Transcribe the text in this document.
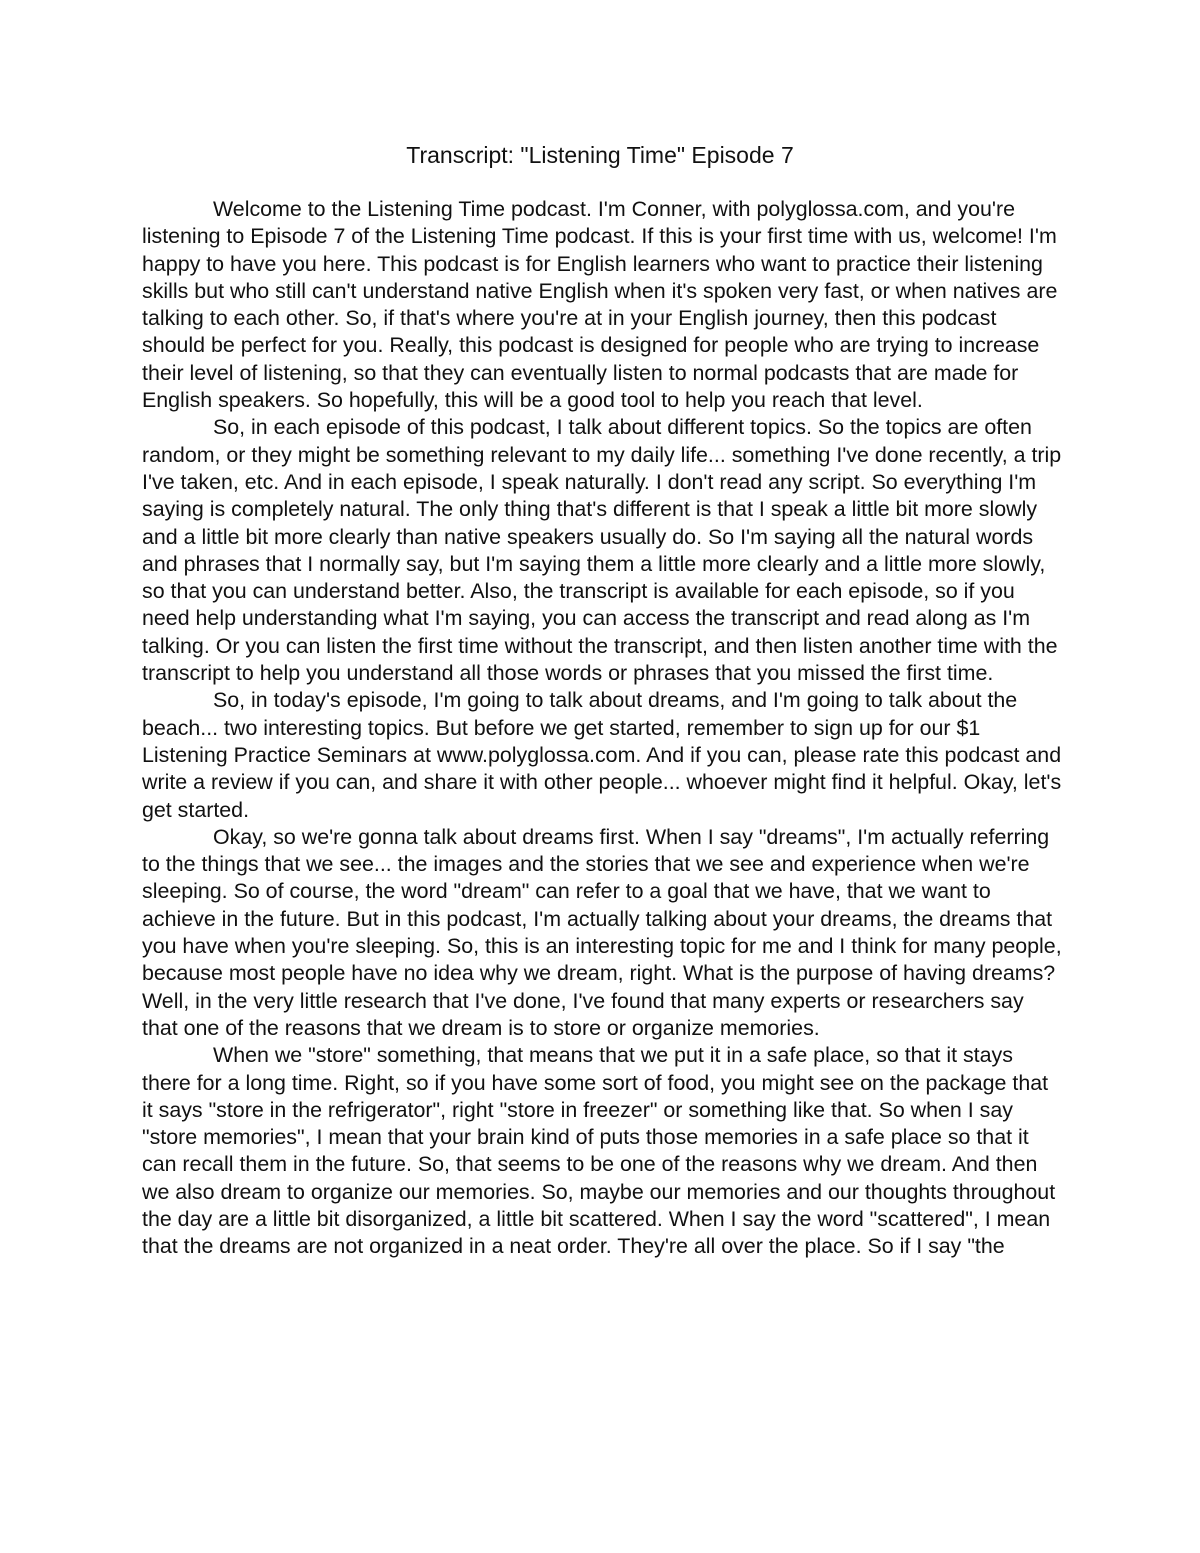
Transcript: "Listening Time" Episode 7

Welcome to the Listening Time podcast. I'm Conner, with polyglossa.com, and you're listening to Episode 7 of the Listening Time podcast. If this is your first time with us, welcome! I'm happy to have you here. This podcast is for English learners who want to practice their listening skills but who still can't understand native English when it's spoken very fast, or when natives are talking to each other. So, if that's where you're at in your English journey, then this podcast should be perfect for you. Really, this podcast is designed for people who are trying to increase their level of listening, so that they can eventually listen to normal podcasts that are made for English speakers. So hopefully, this will be a good tool to help you reach that level.

So, in each episode of this podcast, I talk about different topics. So the topics are often random, or they might be something relevant to my daily life... something I've done recently, a trip I've taken, etc. And in each episode, I speak naturally. I don't read any script. So everything I'm saying is completely natural. The only thing that's different is that I speak a little bit more slowly and a little bit more clearly than native speakers usually do. So I'm saying all the natural words and phrases that I normally say, but I'm saying them a little more clearly and a little more slowly, so that you can understand better. Also, the transcript is available for each episode, so if you need help understanding what I'm saying, you can access the transcript and read along as I'm talking. Or you can listen the first time without the transcript, and then listen another time with the transcript to help you understand all those words or phrases that you missed the first time.

So, in today's episode, I'm going to talk about dreams, and I'm going to talk about the beach... two interesting topics. But before we get started, remember to sign up for our $1 Listening Practice Seminars at www.polyglossa.com. And if you can, please rate this podcast and write a review if you can, and share it with other people... whoever might find it helpful. Okay, let's get started.

Okay, so we're gonna talk about dreams first. When I say "dreams", I'm actually referring to the things that we see... the images and the stories that we see and experience when we're sleeping. So of course, the word "dream" can refer to a goal that we have, that we want to achieve in the future. But in this podcast, I'm actually talking about your dreams, the dreams that you have when you're sleeping. So, this is an interesting topic for me and I think for many people, because most people have no idea why we dream, right. What is the purpose of having dreams? Well, in the very little research that I've done, I've found that many experts or researchers say that one of the reasons that we dream is to store or organize memories.

When we "store" something, that means that we put it in a safe place, so that it stays there for a long time. Right, so if you have some sort of food, you might see on the package that it says "store in the refrigerator", right "store in freezer" or something like that. So when I say "store memories", I mean that your brain kind of puts those memories in a safe place so that it can recall them in the future. So, that seems to be one of the reasons why we dream. And then we also dream to organize our memories. So, maybe our memories and our thoughts throughout the day are a little bit disorganized, a little bit scattered. When I say the word "scattered", I mean that the dreams are not organized in a neat order. They're all over the place. So if I say "the
